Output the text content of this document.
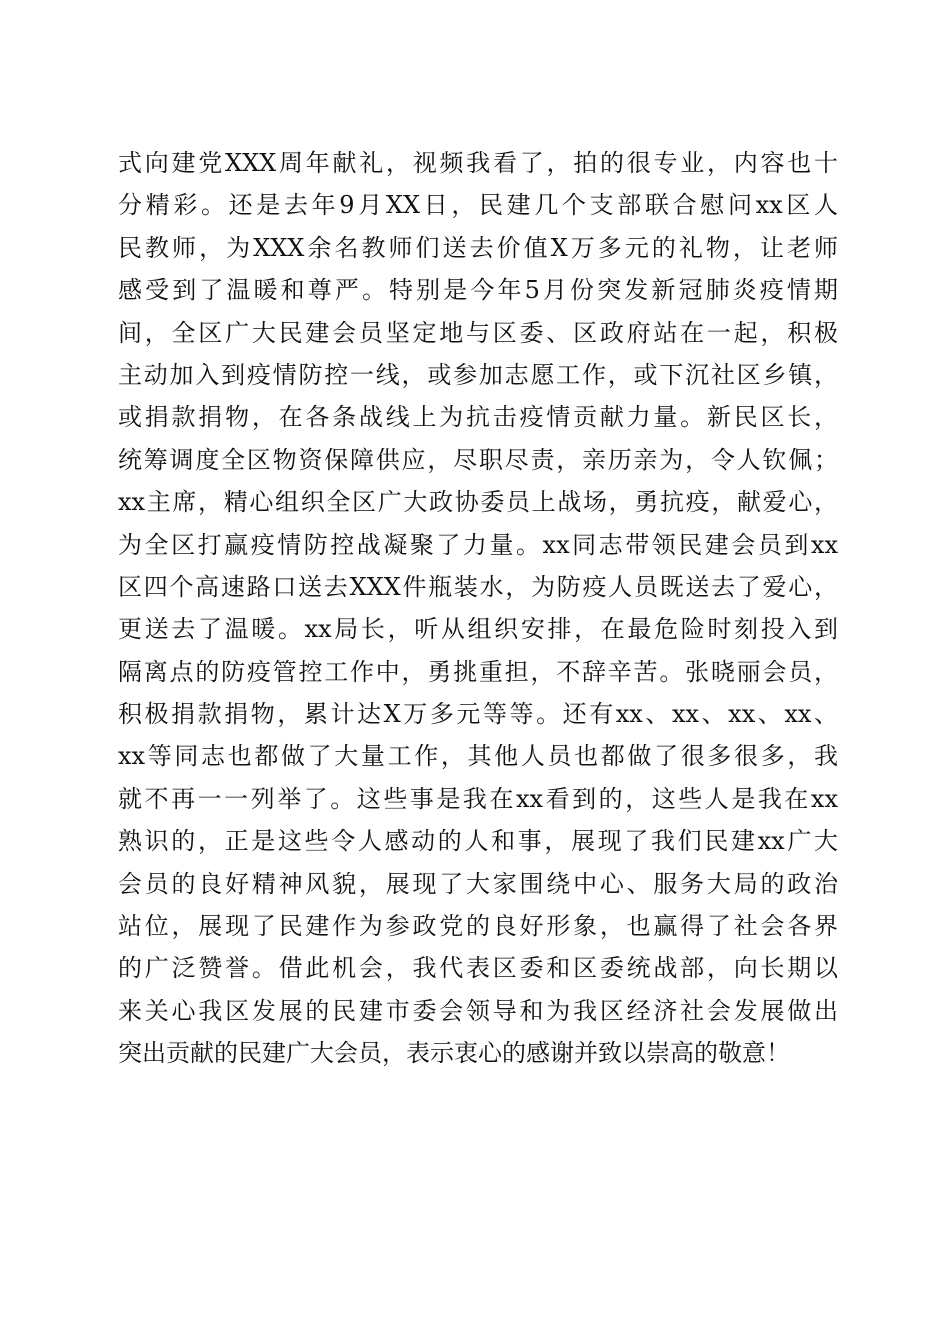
式向建党XXX周年献礼，视频我看了，拍的很专业，内容也十
分精彩。还是去年9月XX日，民建几个支部联合慰问xx区人
民教师，为XXX余名教师们送去价值X万多元的礼物，让老师
感受到了温暖和尊严。特别是今年5月份突发新冠肺炎疫情期
间，全区广大民建会员坚定地与区委、区政府站在一起，积极
主动加入到疫情防控一线，或参加志愿工作，或下沉社区乡镇，
或捐款捐物，在各条战线上为抗击疫情贡献力量。新民区长，
统筹调度全区物资保障供应，尽职尽责，亲历亲为，令人钦佩；
xx主席，精心组织全区广大政协委员上战场，勇抗疫，献爱心，
为全区打赢疫情防控战凝聚了力量。xx同志带领民建会员到xx
区四个高速路口送去XXX件瓶装水，为防疫人员既送去了爱心，
更送去了温暖。xx局长，听从组织安排，在最危险时刻投入到
隔离点的防疫管控工作中，勇挑重担，不辞辛苦。张晓丽会员，
积极捐款捐物，累计达X万多元等等。还有xx、xx、xx、xx、
xx等同志也都做了大量工作，其他人员也都做了很多很多，我
就不再一一列举了。这些事是我在xx看到的，这些人是我在xx
熟识的，正是这些令人感动的人和事，展现了我们民建xx广大
会员的良好精神风貌，展现了大家围绕中心、服务大局的政治
站位，展现了民建作为参政党的良好形象，也赢得了社会各界
的广泛赞誉。借此机会，我代表区委和区委统战部，向长期以
来关心我区发展的民建市委会领导和为我区经济社会发展做出
突出贡献的民建广大会员，表示衷心的感谢并致以崇高的敬意！
